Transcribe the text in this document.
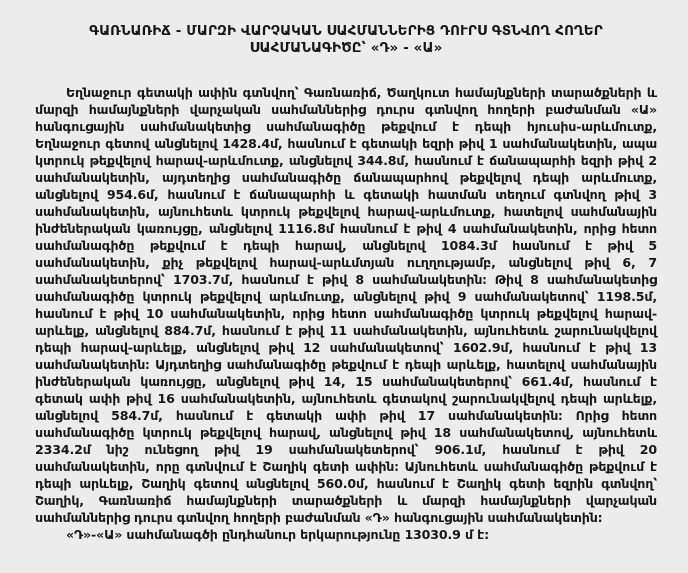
ԳԱՌՆԱՌԻՃ - ՄԱՐԶԻ ՎԱՐՉԱԿԱՆ ՍԱՀՄԱՆՆԵՐԻՑ ԴՈՒՐՍ ԳՏՆՎՈՂ ՀՈՂԵՐ
ՍԱՀՄԱՆԱԳԻԾԸ՝ «Դ» - «Ա»

Եղնաջուր գետակի ափին գտնվող՝ Գառնառիճ, Ծաղկուտ համայնքների տարածքների և մարզի համայնքների վարչական սահմաններից դուրս գտնվող հողերի բաժանման «Ա» հանգուցային սահմանակետից սահմանագիծը թեքվում է դեպի հյուսիս-արևմուտք, Եղնաջուր գետով անցնելով 1428.4մ, հասնում է գետակի եզրի թիվ 1 սահմանակետին, ապա կտրուկ թեքվելով հարավ-արևմուտք, անցնելով 344.8մ, հասնում է ճանապարհի եզրի թիվ 2 սահմանակետին, այդտեղից սահմանագիծը ճանապարհով թեքվելով դեպի արևմուտք, անցնելով 954.6մ, հասնում է ճանապարհի և գետակի հատման տեղում գտնվող թիվ 3 սահմանակետին, այնուհետև կտրուկ թեքվելով հարավ-արևմուտք, հատելով սահմանային ինժեներական կառույցը, անցնելով 1116.8մ հասնում է թիվ 4 սահմանակետին, որից հետո սահմանագիծը թեքվում է դեպի հարավ, անցնելով 1084.3մ հասնում է թիվ 5 սահմանակետին, քիչ թեքվելով հարավ-արևմտյան ուղղությամբ, անցնելով թիվ 6, 7 սահմանակետերով՝ 1703.7մ, հասնում է թիվ 8 սահմանակետին։ Թիվ 8 սահմանակետից սահմանագիծը կտրուկ թեքվելով արևմուտք, անցնելով թիվ 9 սահմանակետով՝ 1198.5մ, հասնում է թիվ 10 սահմանակետին, որից հետո սահմանագիծը կտրուկ թեքվելով հարավ-արևելք, անցնելով 884.7մ, հասնում է թիվ 11 սահմանակետին, այնուհետև շարունակվելով դեպի հարավ-արևելք, անցնելով թիվ 12 սահմանակետով՝ 1602.9մ, հասնում է թիվ 13 սահմանակետին։ Այդտեղից սահմանագիծը թեքվում է դեպի արևելք, հատելով սահմանային ինժեներական կառույցը, անցնելով թիվ 14, 15 սահմանակետերով՝ 661.4մ, հասնում է գետակ ափի թիվ 16 սահմանակետին, այնուհետև գետակով շարունակվելով դեպի արևելք, անցնելով 584.7մ, հասնում է գետակի ափի թիվ 17 սահմանակետին։ Որից հետո սահմանագիծը կտրուկ թեքվելով հարավ, անցնելով թիվ 18 սահմանակետով, այնուհետև 2334.2մ նիշ ունեցող թիվ 19 սահմանակետերով՝ 906.1մ, հասնում է թիվ 20 սահմանակետին, որը գտնվում է Շաղիկ գետի ափին։ Այնուհետև սահմանագիծը թեքվում է դեպի արևելք, Շաղիկ գետով անցնելով 560.0մ, հասնում է Շաղիկ գետի եզրին գտնվող՝ Շաղիկ, Գառնառիճ համայնքների տարածքների և մարզի համայնքների վարչական սահմաններից դուրս գտնվող հողերի բաժանման «Դ» հանգուցային սահմանակետին:

«Դ»-«Ա» սահմանագծի ընդհանուր երկարությունը 13030.9 մ է:
